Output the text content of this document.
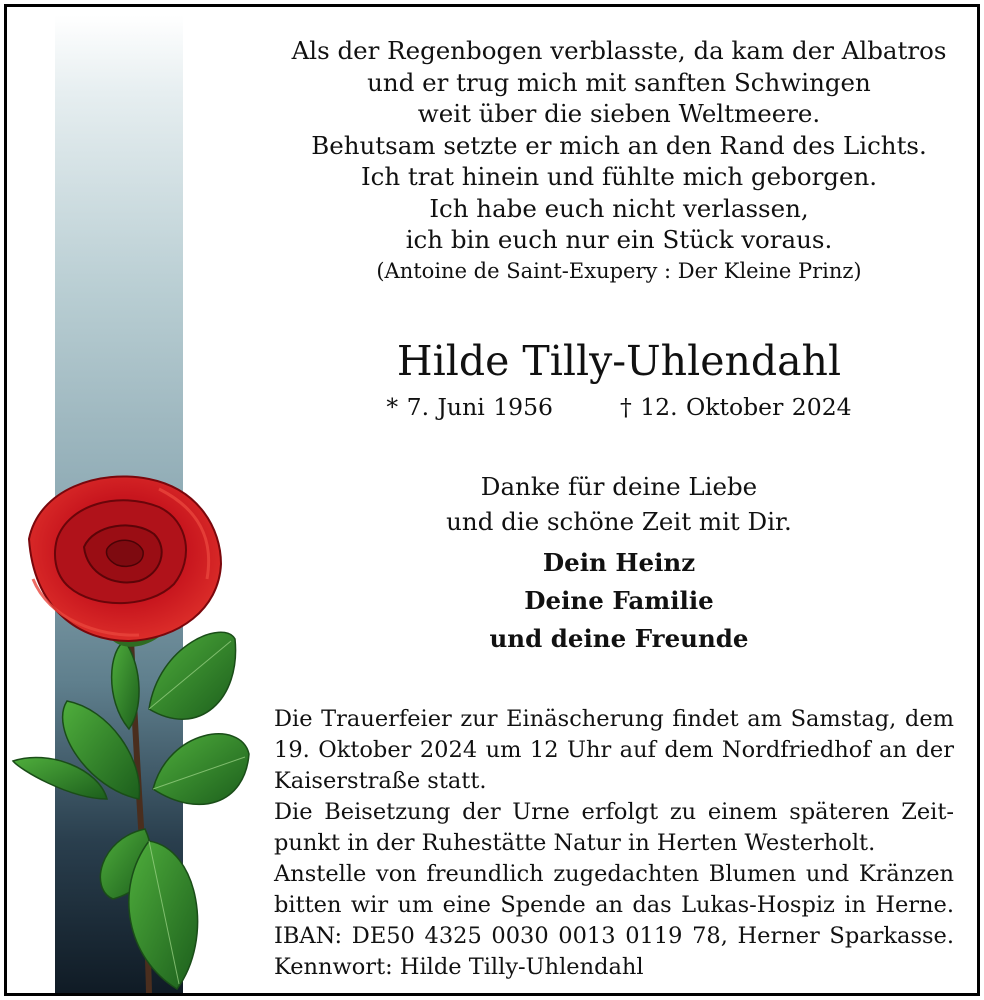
Als der Regenbogen verblasste, da kam der Albatros
und er trug mich mit sanften Schwingen
weit über die sieben Weltmeere.
Behutsam setzte er mich an den Rand des Lichts.
Ich trat hinein und fühlte mich geborgen.
Ich habe euch nicht verlassen,
ich bin euch nur ein Stück voraus.
(Antoine de Saint-Exupery : Der Kleine Prinz)
Hilde Tilly-Uhlendahl
* 7. Juni 1956	† 12. Oktober 2024
Danke für deine Liebe
und die schöne Zeit mit Dir.
Dein Heinz
Deine Familie
und deine Freunde

Die Trauerfeier zur Einäscherung findet am Samstag, dem

19. Oktober 2024 um 12 Uhr auf dem Nordfriedhof an der

Kaiserstraße statt.

Die Beisetzung der Urne erfolgt zu einem späteren Zeit-

punkt in der Ruhestätte Natur in Herten Westerholt.

Anstelle von freundlich zugedachten Blumen und Kränzen

bitten wir um eine Spende an das Lukas-Hospiz in Herne.

IBAN: DE50 4325 0030 0013 0119 78, Herner Sparkasse.

Kennwort: Hilde Tilly-Uhlendahl
